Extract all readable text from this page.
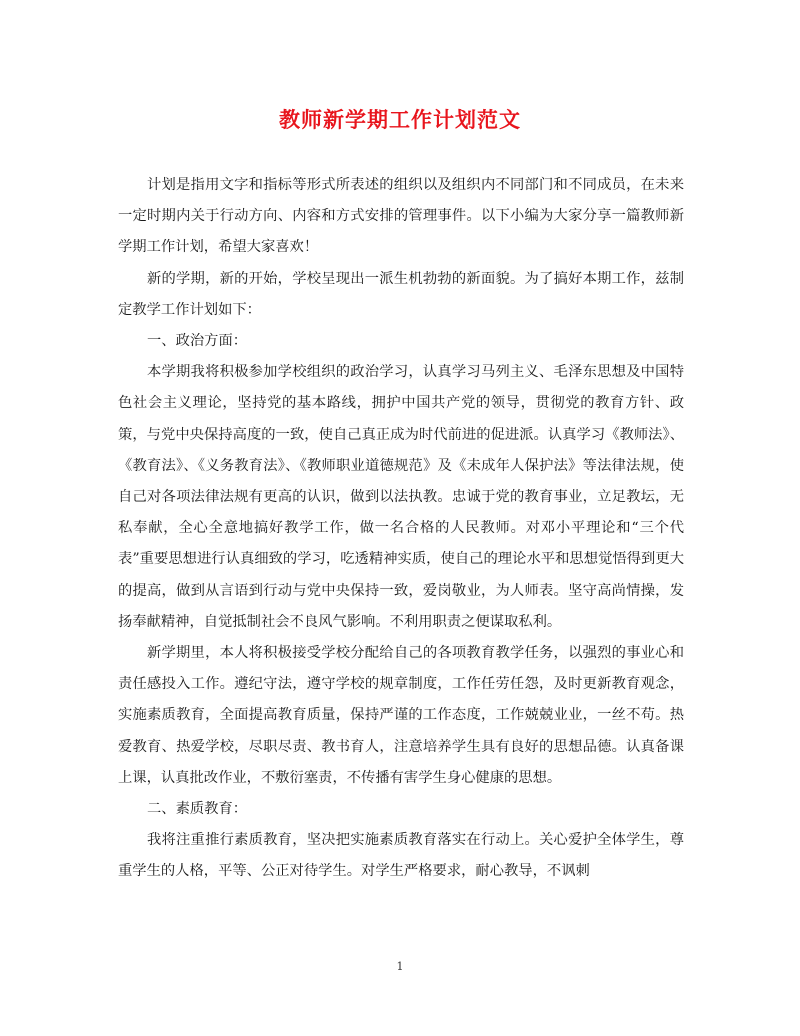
教师新学期工作计划范文

计划是指用文字和指标等形式所表述的组织以及组织内不同部门和不同成员，在未来一定时期内关于行动方向、内容和方式安排的管理事件。以下小编为大家分享一篇教师新学期工作计划，希望大家喜欢！

新的学期，新的开始，学校呈现出一派生机勃勃的新面貌。为了搞好本期工作，兹制定教学工作计划如下：

一、政治方面：

本学期我将积极参加学校组织的政治学习，认真学习马列主义、毛泽东思想及中国特色社会主义理论，坚持党的基本路线，拥护中国共产党的领导，贯彻党的教育方针、政策，与党中央保持高度的一致，使自己真正成为时代前进的促进派。认真学习《教师法》、《教育法》、《义务教育法》、《教师职业道德规范》及《未成年人保护法》等法律法规，使自己对各项法律法规有更高的认识，做到以法执教。忠诚于党的教育事业，立足教坛，无私奉献，全心全意地搞好教学工作，做一名合格的人民教师。对邓小平理论和“三个代表”重要思想进行认真细致的学习，吃透精神实质，使自己的理论水平和思想觉悟得到更大的提高，做到从言语到行动与党中央保持一致，爱岗敬业，为人师表。坚守高尚情操，发扬奉献精神，自觉抵制社会不良风气影响。不利用职责之便谋取私利。

新学期里，本人将积极接受学校分配给自己的各项教育教学任务，以强烈的事业心和责任感投入工作。遵纪守法，遵守学校的规章制度，工作任劳任怨，及时更新教育观念，实施素质教育，全面提高教育质量，保持严谨的工作态度，工作兢兢业业，一丝不苟。热爱教育、热爱学校，尽职尽责、教书育人，注意培养学生具有良好的思想品德。认真备课上课，认真批改作业，不敷衍塞责，不传播有害学生身心健康的思想。

二、素质教育：

我将注重推行素质教育，坚决把实施素质教育落实在行动上。关心爱护全体学生，尊重学生的人格，平等、公正对待学生。对学生严格要求，耐心教导，不讽刺

1
